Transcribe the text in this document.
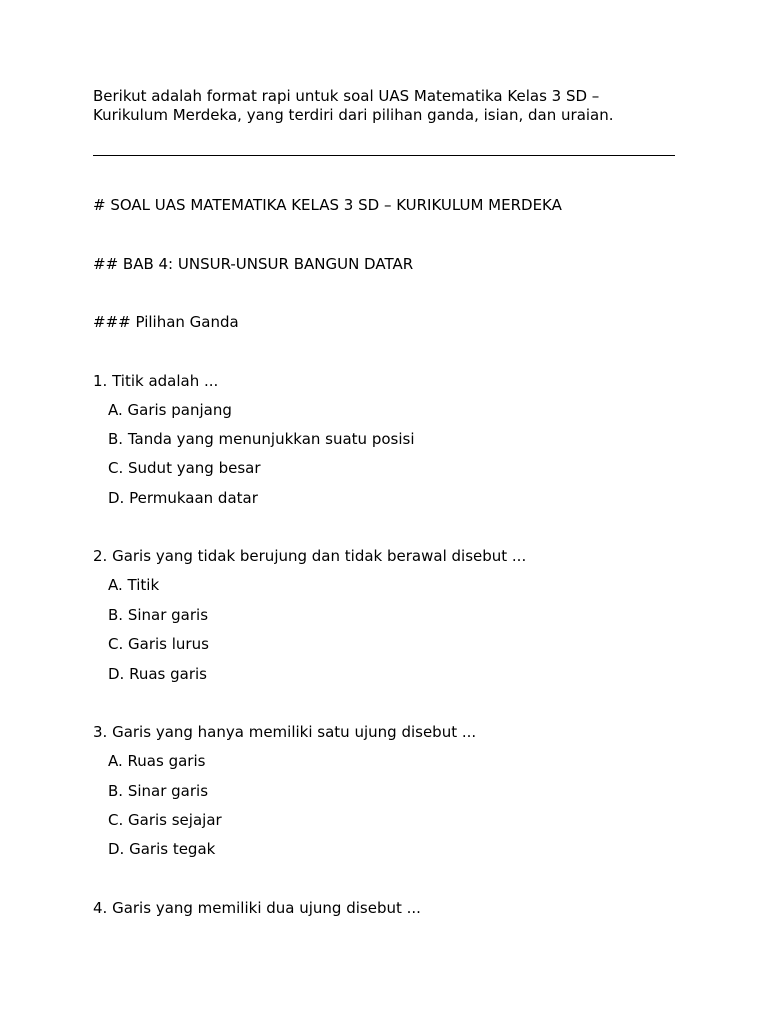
Berikut adalah format rapi untuk soal UAS Matematika Kelas 3 SD –
Kurikulum Merdeka, yang terdiri dari pilihan ganda, isian, dan uraian.
# SOAL UAS MATEMATIKA KELAS 3 SD – KURIKULUM MERDEKA
## BAB 4: UNSUR-UNSUR BANGUN DATAR
### Pilihan Ganda
1. Titik adalah ...
A. Garis panjang
B. Tanda yang menunjukkan suatu posisi
C. Sudut yang besar
D. Permukaan datar
2. Garis yang tidak berujung dan tidak berawal disebut ...
A. Titik
B. Sinar garis
C. Garis lurus
D. Ruas garis
3. Garis yang hanya memiliki satu ujung disebut ...
A. Ruas garis
B. Sinar garis
C. Garis sejajar
D. Garis tegak
4. Garis yang memiliki dua ujung disebut ...
